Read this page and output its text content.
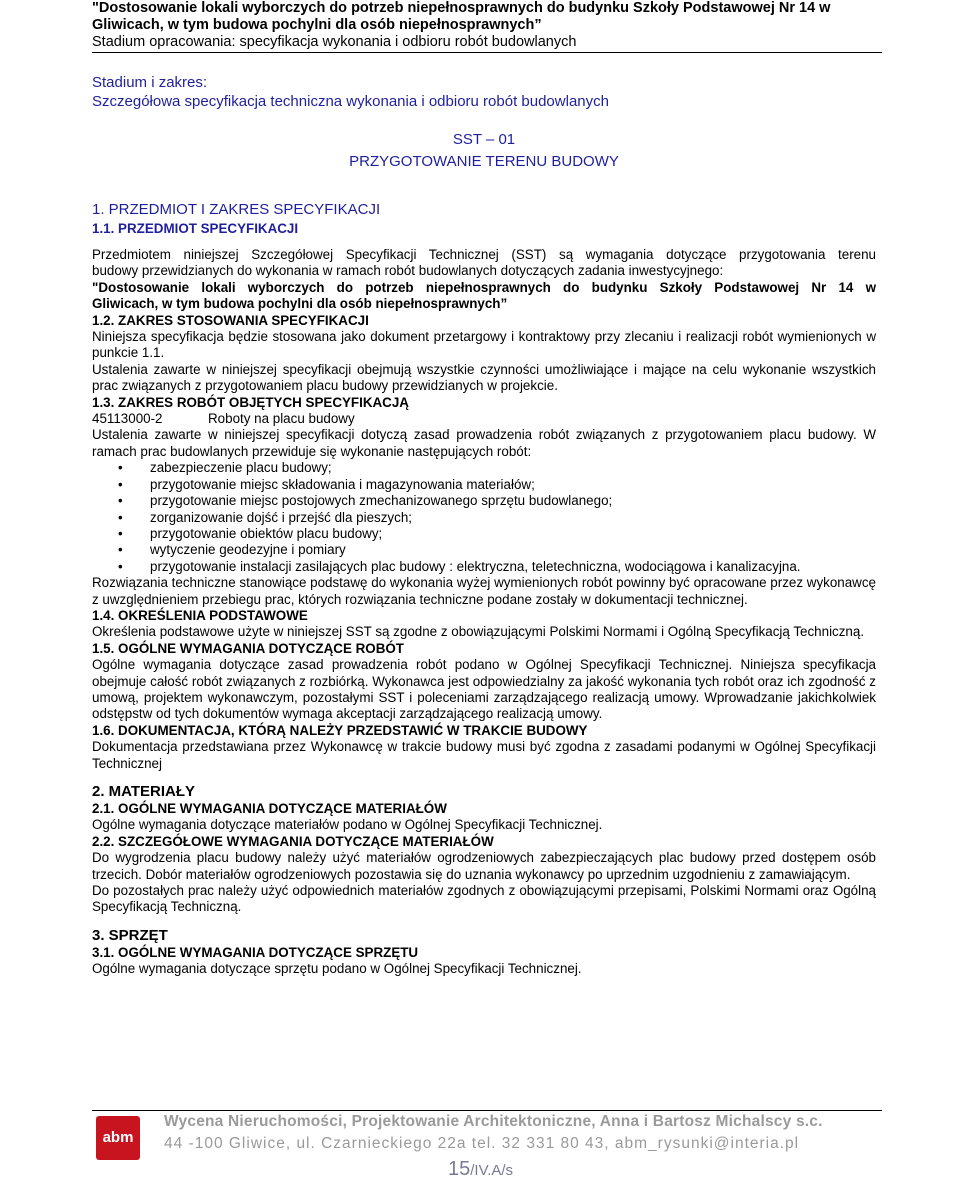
"Dostosowanie lokali wyborczych do potrzeb niepełnosprawnych do budynku Szkoły Podstawowej Nr 14 w
Gliwicach, w tym budowa pochylni dla osób niepełnosprawnych”
Stadium opracowania: specyfikacja wykonania i odbioru robót budowlanych
Stadium i zakres:
Szczegółowa specyfikacja techniczna wykonania i odbioru robót budowlanych
SST – 01
PRZYGOTOWANIE TERENU BUDOWY
1. PRZEDMIOT I ZAKRES SPECYFIKACJI
1.1. PRZEDMIOT SPECYFIKACJI

Przedmiotem niniejszej Szczegółowej Specyfikacji Technicznej (SST) są wymagania dotyczące przygotowania terenu

budowy przewidzianych do wykonania w ramach robót budowlanych dotyczących zadania inwestycyjnego:

"Dostosowanie lokali wyborczych do potrzeb niepełnosprawnych do budynku Szkoły Podstawowej Nr 14 w

Gliwicach, w tym budowa pochylni dla osób niepełnosprawnych”

1.2. ZAKRES STOSOWANIA SPECYFIKACJI

Niniejsza specyfikacja będzie stosowana jako dokument przetargowy i kontraktowy przy zlecaniu i realizacji robót wymienionych w punkcie 1.1.

Ustalenia zawarte w niniejszej specyfikacji obejmują wszystkie czynności umożliwiające i mające na celu wykonanie wszystkich prac związanych z przygotowaniem placu budowy przewidzianych w projekcie.

1.3. ZAKRES ROBÓT OBJĘTYCH SPECYFIKACJĄ

45113000-2	Roboty na placu budowy

Ustalenia zawarte w niniejszej specyfikacji dotyczą zasad prowadzenia robót związanych z przygotowaniem placu budowy. W ramach prac budowlanych przewiduje się wykonanie następujących robót:

• zabezpieczenie placu budowy;
• przygotowanie miejsc składowania i magazynowania materiałów;
• przygotowanie miejsc postojowych zmechanizowanego sprzętu budowlanego;
• zorganizowanie dojść i przejść dla pieszych;
• przygotowanie obiektów placu budowy;
• wytyczenie geodezyjne i pomiary
• przygotowanie instalacji zasilających plac budowy : elektryczna, teletechniczna, wodociągowa i kanalizacyjna.

Rozwiązania techniczne stanowiące podstawę do wykonania wyżej wymienionych robót powinny być opracowane przez wykonawcę z uwzględnieniem przebiegu prac, których rozwiązania techniczne podane zostały w dokumentacji technicznej.

1.4. OKREŚLENIA PODSTAWOWE

Określenia podstawowe użyte w niniejszej SST są zgodne z obowiązującymi Polskimi Normami i Ogólną Specyfikacją Techniczną.

1.5. OGÓLNE WYMAGANIA DOTYCZĄCE ROBÓT

Ogólne wymagania dotyczące zasad prowadzenia robót podano w Ogólnej Specyfikacji Technicznej. Niniejsza specyfikacja obejmuje całość robót związanych z rozbiórką. Wykonawca jest odpowiedzialny za jakość wykonania tych robót oraz ich zgodność z umową, projektem wykonawczym, pozostałymi SST i poleceniami zarządzającego realizacją umowy. Wprowadzanie jakichkolwiek odstępstw od tych dokumentów wymaga akceptacji zarządzającego realizacją umowy.

1.6. DOKUMENTACJA, KTÓRĄ NALEŻY PRZEDSTAWIĆ W TRAKCIE BUDOWY

Dokumentacja przedstawiana przez Wykonawcę w trakcie budowy musi być zgodna z zasadami podanymi w Ogólnej Specyfikacji Technicznej

2. MATERIAŁY

2.1. OGÓLNE WYMAGANIA DOTYCZĄCE MATERIAŁÓW

Ogólne wymagania dotyczące materiałów podano w Ogólnej Specyfikacji Technicznej.

2.2. SZCZEGÓŁOWE WYMAGANIA DOTYCZĄCE MATERIAŁÓW

Do wygrodzenia placu budowy należy użyć materiałów ogrodzeniowych zabezpieczających plac budowy przed dostępem osób trzecich. Dobór materiałów ogrodzeniowych pozostawia się do uznania wykonawcy po uprzednim uzgodnieniu z zamawiającym.

Do pozostałych prac należy użyć odpowiednich materiałów zgodnych z obowiązującymi przepisami, Polskimi Normami oraz Ogólną Specyfikacją Techniczną.

3. SPRZĘT

3.1. OGÓLNE WYMAGANIA DOTYCZĄCE SPRZĘTU

Ogólne wymagania dotyczące sprzętu podano w Ogólnej Specyfikacji Technicznej.

abm
Wycena Nieruchomości, Projektowanie Architektoniczne, Anna i Bartosz Michalscy s.c.
44 -100 Gliwice, ul. Czarnieckiego 22a tel. 32 331 80 43, abm_rysunki@interia.pl
15/IV.A/s
